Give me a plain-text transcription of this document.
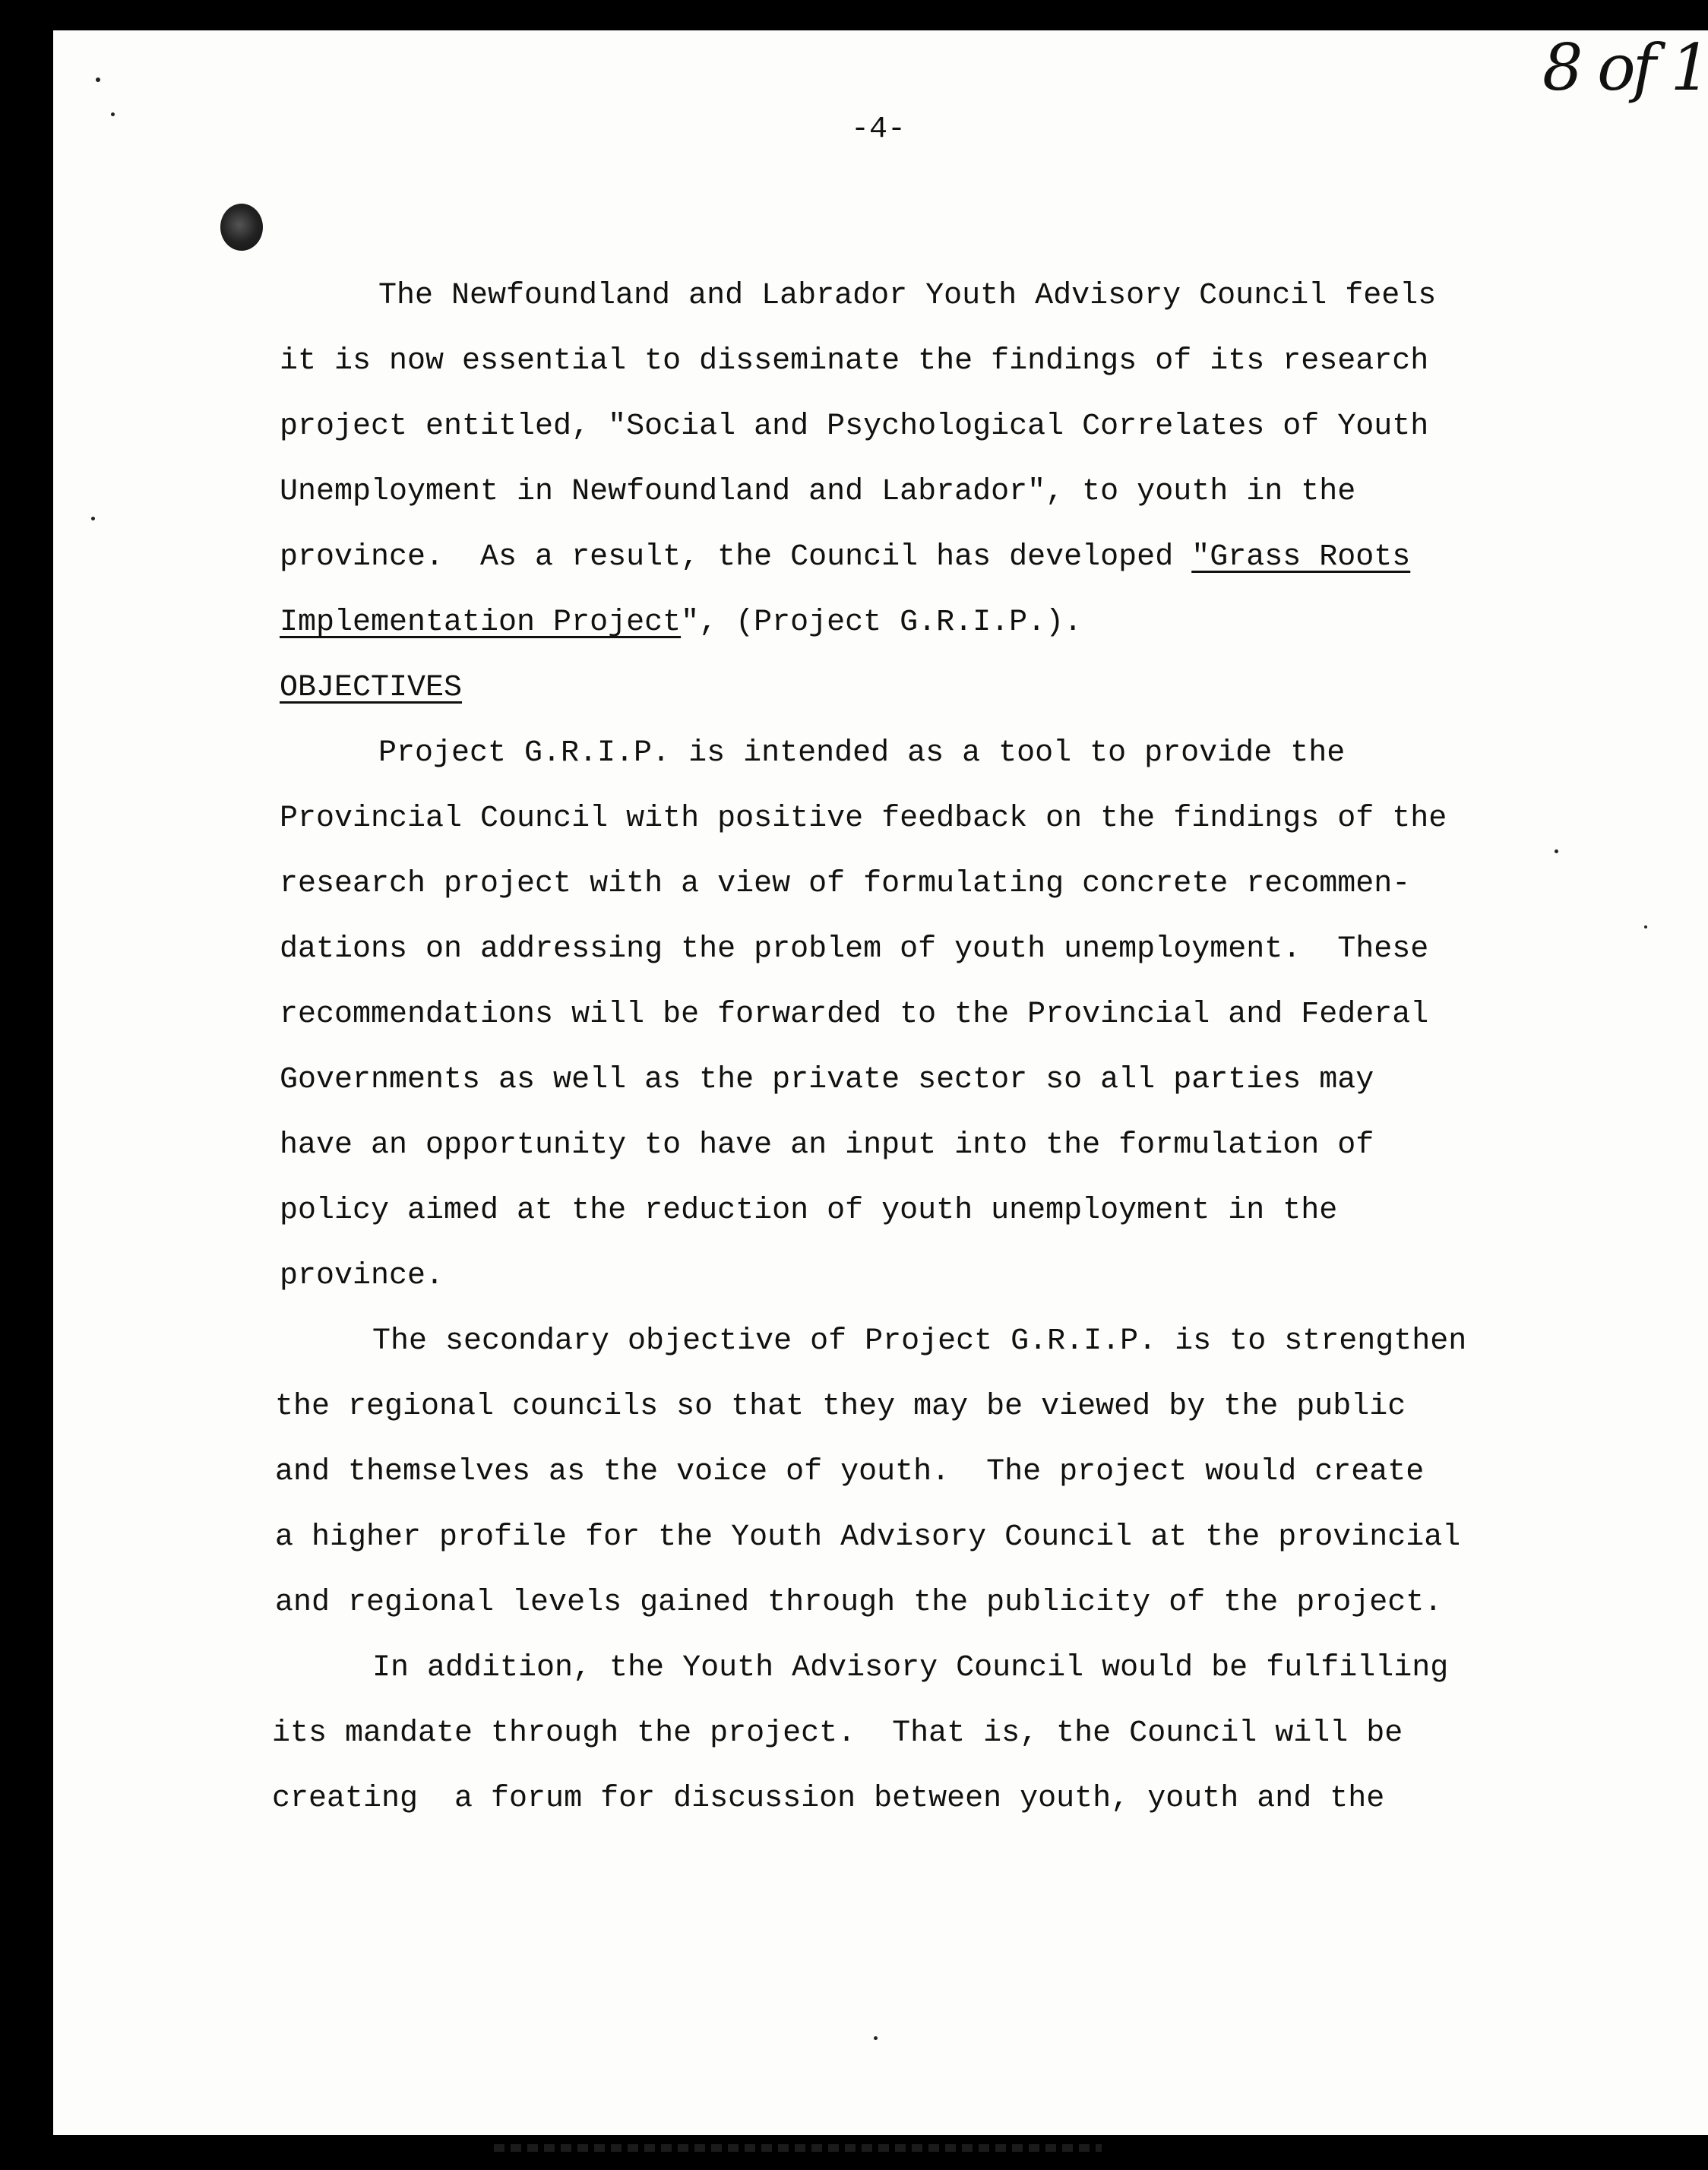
8 of 1
-4-
The Newfoundland and Labrador Youth Advisory Council feels
it is now essential to disseminate the findings of its research
project entitled, "Social and Psychological Correlates of Youth
Unemployment in Newfoundland and Labrador", to youth in the
province.  As a result, the Council has developed "Grass Roots
Implementation Project", (Project G.R.I.P.).
OBJECTIVES
Project G.R.I.P. is intended as a tool to provide the
Provincial Council with positive feedback on the findings of the
research project with a view of formulating concrete recommen-
dations on addressing the problem of youth unemployment.  These
recommendations will be forwarded to the Provincial and Federal
Governments as well as the private sector so all parties may
have an opportunity to have an input into the formulation of
policy aimed at the reduction of youth unemployment in the
province.
The secondary objective of Project G.R.I.P. is to strengthen
the regional councils so that they may be viewed by the public
and themselves as the voice of youth.  The project would create
a higher profile for the Youth Advisory Council at the provincial
and regional levels gained through the publicity of the project.
In addition, the Youth Advisory Council would be fulfilling
its mandate through the project.  That is, the Council will be
creating  a forum for discussion between youth, youth and the
